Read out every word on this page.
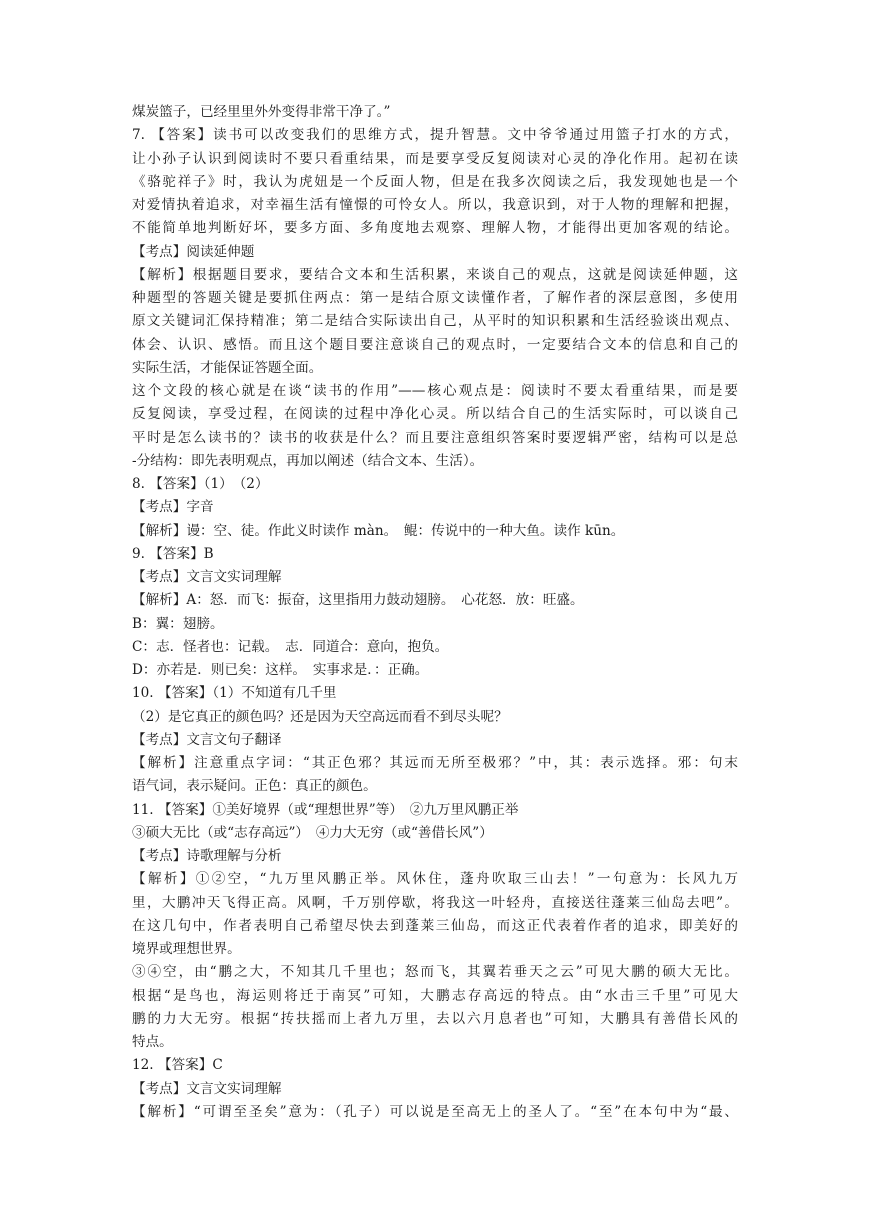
煤炭篮子，已经里里外外变得非常干净了。”
7. 【答案】读书可以改变我们的思维方式，提升智慧。文中爷爷通过用篮子打水的方式，
让小孙子认识到阅读时不要只看重结果，而是要享受反复阅读对心灵的净化作用。起初在读
《骆驼祥子》时，我认为虎妞是一个反面人物，但是在我多次阅读之后，我发现她也是一个
对爱情执着追求，对幸福生活有憧憬的可怜女人。所以，我意识到，对于人物的理解和把握，
不能简单地判断好坏，要多方面、多角度地去观察、理解人物，才能得出更加客观的结论。
【考点】阅读延伸题
【解析】根据题目要求，要结合文本和生活积累，来谈自己的观点，这就是阅读延伸题，这
种题型的答题关键是要抓住两点：第一是结合原文读懂作者，了解作者的深层意图，多使用
原文关键词汇保持精准；第二是结合实际读出自己，从平时的知识积累和生活经验谈出观点、
体会、认识、感悟。而且这个题目要注意谈自己的观点时，一定要结合文本的信息和自己的
实际生活，才能保证答题全面。
这个文段的核心就是在谈“读书的作用”——核心观点是：阅读时不要太看重结果，而是要
反复阅读，享受过程，在阅读的过程中净化心灵。所以结合自己的生活实际时，可以谈自己
平时是怎么读书的？读书的收获是什么？而且要注意组织答案时要逻辑严密，结构可以是总
-分结构：即先表明观点，再加以阐述（结合文本、生活）。
8. 【答案】（1）　（2）
【考点】字音
【解析】谩：空、徒。作此义时读作 màn。　鲲：传说中的一种大鱼。读作 kūn。
9. 【答案】B
【考点】文言文实词理解
【解析】A：怒．而飞：振奋，这里指用力鼓动翅膀。　心花怒．放：旺盛。
B：翼：翅膀。
C：志．怪者也：记载。　志．同道合：意向，抱负。
D：亦若是．则已矣：这样。　实事求是．：正确。
10. 【答案】（1）不知道有几千里
（2）是它真正的颜色吗？还是因为天空高远而看不到尽头呢？
【考点】文言文句子翻译
【解析】注意重点字词：“其正色邪？其远而无所至极邪？”中，其：表示选择。邪：句末
语气词，表示疑问。正色：真正的颜色。
11. 【答案】①美好境界（或“理想世界”等）　②九万里风鹏正举
③硕大无比（或“志存高远”）　④力大无穷（或“善借长风”）
【考点】诗歌理解与分析
【解析】①②空，“九万里风鹏正举。风休住，蓬舟吹取三山去！”一句意为：长风九万
里，大鹏冲天飞得正高。风啊，千万别停歇，将我这一叶轻舟，直接送往蓬莱三仙岛去吧”。
在这几句中，作者表明自己希望尽快去到蓬莱三仙岛，而这正代表着作者的追求，即美好的
境界或理想世界。
③④空，由“鹏之大，不知其几千里也；怒而飞，其翼若垂天之云”可见大鹏的硕大无比。
根据“是鸟也，海运则将迁于南冥”可知，大鹏志存高远的特点。由“水击三千里”可见大
鹏的力大无穷。根据“抟扶摇而上者九万里，去以六月息者也”可知，大鹏具有善借长风的
特点。
12. 【答案】C
【考点】文言文实词理解
【解析】“可谓至圣矣”意为：（孔子）可以说是至高无上的圣人了。“至”在本句中为“最、
